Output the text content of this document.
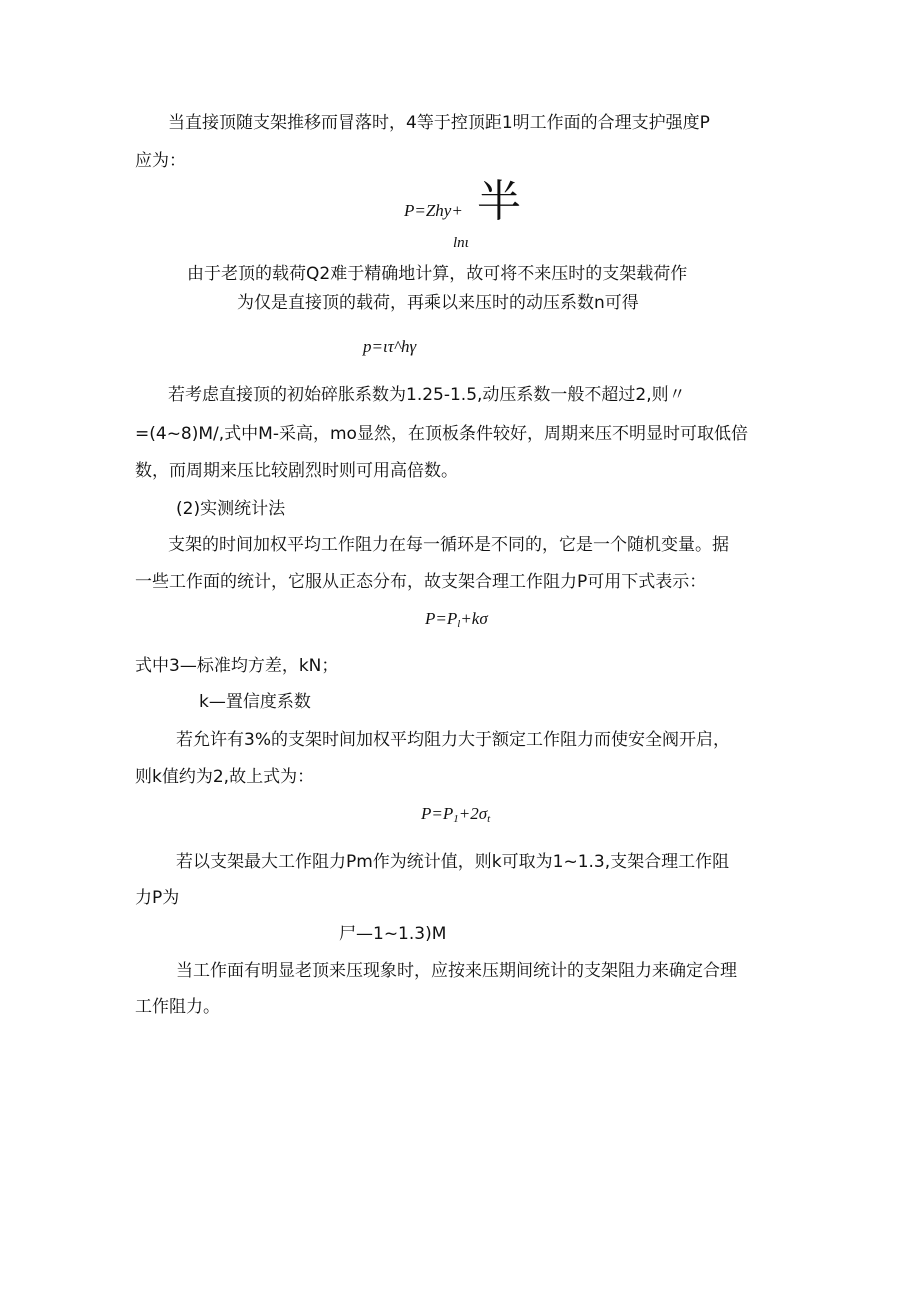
当直接顶随支架推移而冒落时，4等于控顶距1明工作面的合理支护强度P
应为：
P=Zhy+ 半
lnι
由于老顶的载荷Q2难于精确地计算，故可将不来压时的支架载荷作
为仅是直接顶的载荷，再乘以来压时的动压系数n可得
p=ιτ^hγ
若考虑直接顶的初始碎胀系数为1.25-1.5,动压系数一般不超过2,则〃
=(4~8)M/,式中M-采高，mo显然，在顶板条件较好，周期来压不明显时可取低倍
数，而周期来压比较剧烈时则可用高倍数。
(2)实测统计法
支架的时间加权平均工作阻力在每一循环是不同的，它是一个随机变量。据
一些工作面的统计，它服从正态分布，故支架合理工作阻力P可用下式表示：
$P=P_l+k\sigma$
式中3—标准均方差，kN；
k—置信度系数
若允许有3%的支架时间加权平均阻力大于额定工作阻力而使安全阀开启，
则k值约为2,故上式为：
$P=P_1+2\sigma_t$
若以支架最大工作阻力Pm作为统计值，则k可取为1~1.3,支架合理工作阻
力P为
尸—1~1.3)M
当工作面有明显老顶来压现象时，应按来压期间统计的支架阻力来确定合理
工作阻力。
